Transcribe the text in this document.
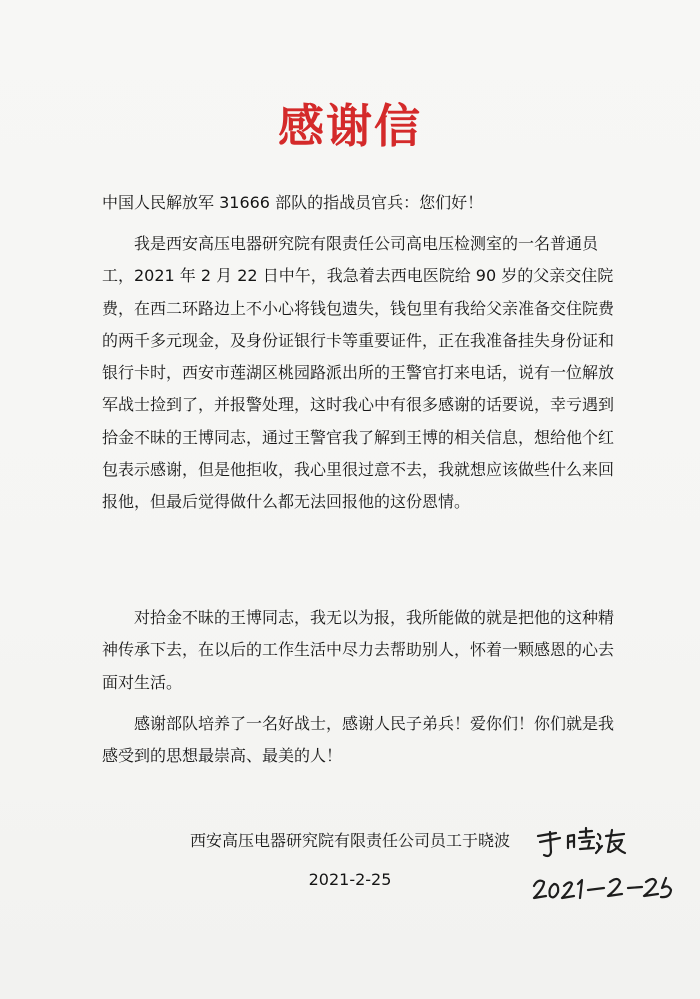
感谢信
中国人民解放军 31666 部队的指战员官兵：您们好！
我是西安高压电器研究院有限责任公司高电压检测室的一名普通员工，2021 年 2 月 22 日中午，我急着去西电医院给 90 岁的父亲交住院费，在西二环路边上不小心将钱包遗失，钱包里有我给父亲准备交住院费的两千多元现金，及身份证银行卡等重要证件，正在我准备挂失身份证和银行卡时，西安市莲湖区桃园路派出所的王警官打来电话，说有一位解放军战士捡到了，并报警处理，这时我心中有很多感谢的话要说，幸亏遇到拾金不昧的王博同志，通过王警官我了解到王博的相关信息，想给他个红包表示感谢，但是他拒收，我心里很过意不去，我就想应该做些什么来回报他，但最后觉得做什么都无法回报他的这份恩情。
对拾金不昧的王博同志，我无以为报，我所能做的就是把他的这种精神传承下去，在以后的工作生活中尽力去帮助别人，怀着一颗感恩的心去面对生活。
感谢部队培养了一名好战士，感谢人民子弟兵！爱你们！你们就是我感受到的思想最崇高、最美的人！
西安高压电器研究院有限责任公司员工于晓波
2021-2-25
